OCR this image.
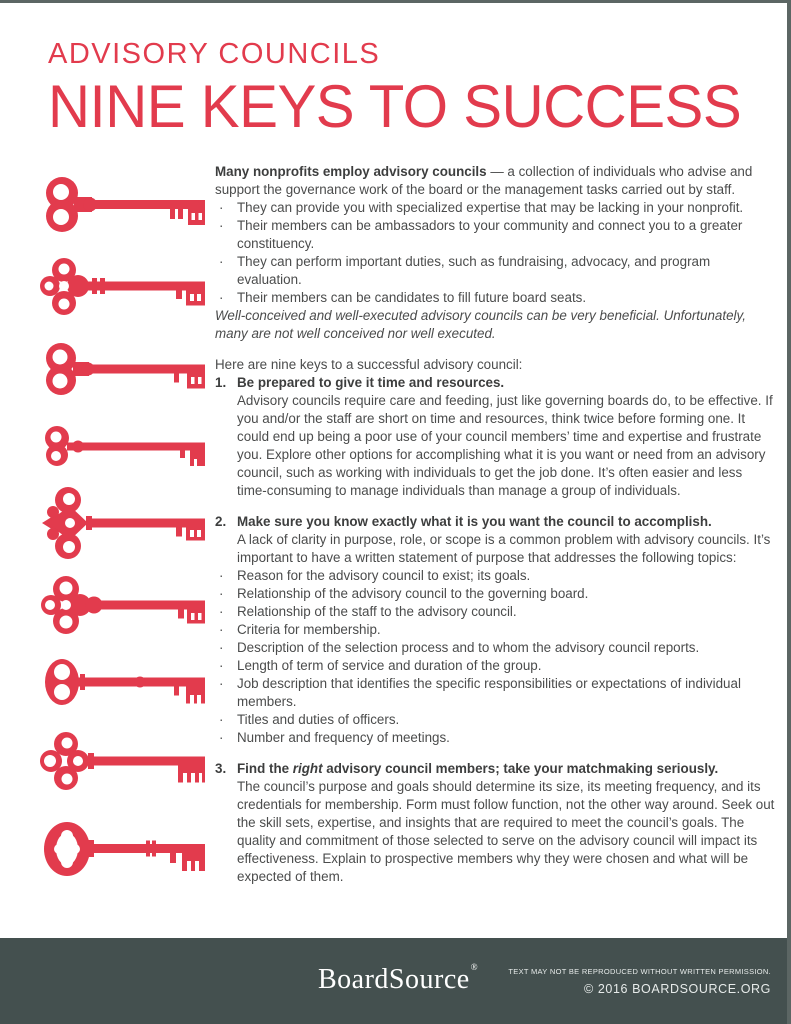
ADVISORY COUNCILS
NINE KEYS TO SUCCESS

Many nonprofits employ advisory councils — a collection of individuals who advise and support the governance work of the board or the management tasks carried out by staff.

·	They can provide you with specialized expertise that may be lacking in your nonprofit.
·	Their members can be ambassadors to your community and connect you to a greater constituency.
·	They can perform important duties, such as fundraising, advocacy, and program evaluation.
·	Their members can be candidates to fill future board seats.

Well-conceived and well-executed advisory councils can be very beneficial. Unfortunately, many are not well conceived nor well executed.

Here are nine keys to a successful advisory council:

1. Be prepared to give it time and resources.
Advisory councils require care and feeding, just like governing boards do, to be effective. If you and/or the staff are short on time and resources, think twice before forming one. It could end up being a poor use of your council members’ time and expertise and frustrate you. Explore other options for accomplishing what it is you want or need from an advisory council, such as working with individuals to get the job done. It’s often easier and less time-consuming to manage individuals than manage a group of individuals.
2. Make sure you know exactly what it is you want the council to accomplish.
A lack of clarity in purpose, role, or scope is a common problem with advisory councils. It’s important to have a written statement of purpose that addresses the following topics:
·	Reason for the advisory council to exist; its goals.
·	Relationship of the advisory council to the governing board.
·	Relationship of the staff to the advisory council.
·	Criteria for membership.
·	Description of the selection process and to whom the advisory council reports.
·	Length of term of service and duration of the group.
·	Job description that identifies the specific responsibilities or expectations of individual members.
·	Titles and duties of officers.
·	Number and frequency of meetings.
3. Find the right advisory council members; take your matchmaking seriously.
The council’s purpose and goals should determine its size, its meeting frequency, and its credentials for membership. Form must follow function, not the other way around. Seek out the skill sets, expertise, and insights that are required to meet the council’s goals. The quality and commitment of those selected to serve on the advisory council will impact its effectiveness. Explain to prospective members why they were chosen and what will be expected of them.
BoardSource®	TEXT MAY NOT BE REPRODUCED WITHOUT WRITTEN PERMISSION.
© 2016 BOARDSOURCE.ORG
